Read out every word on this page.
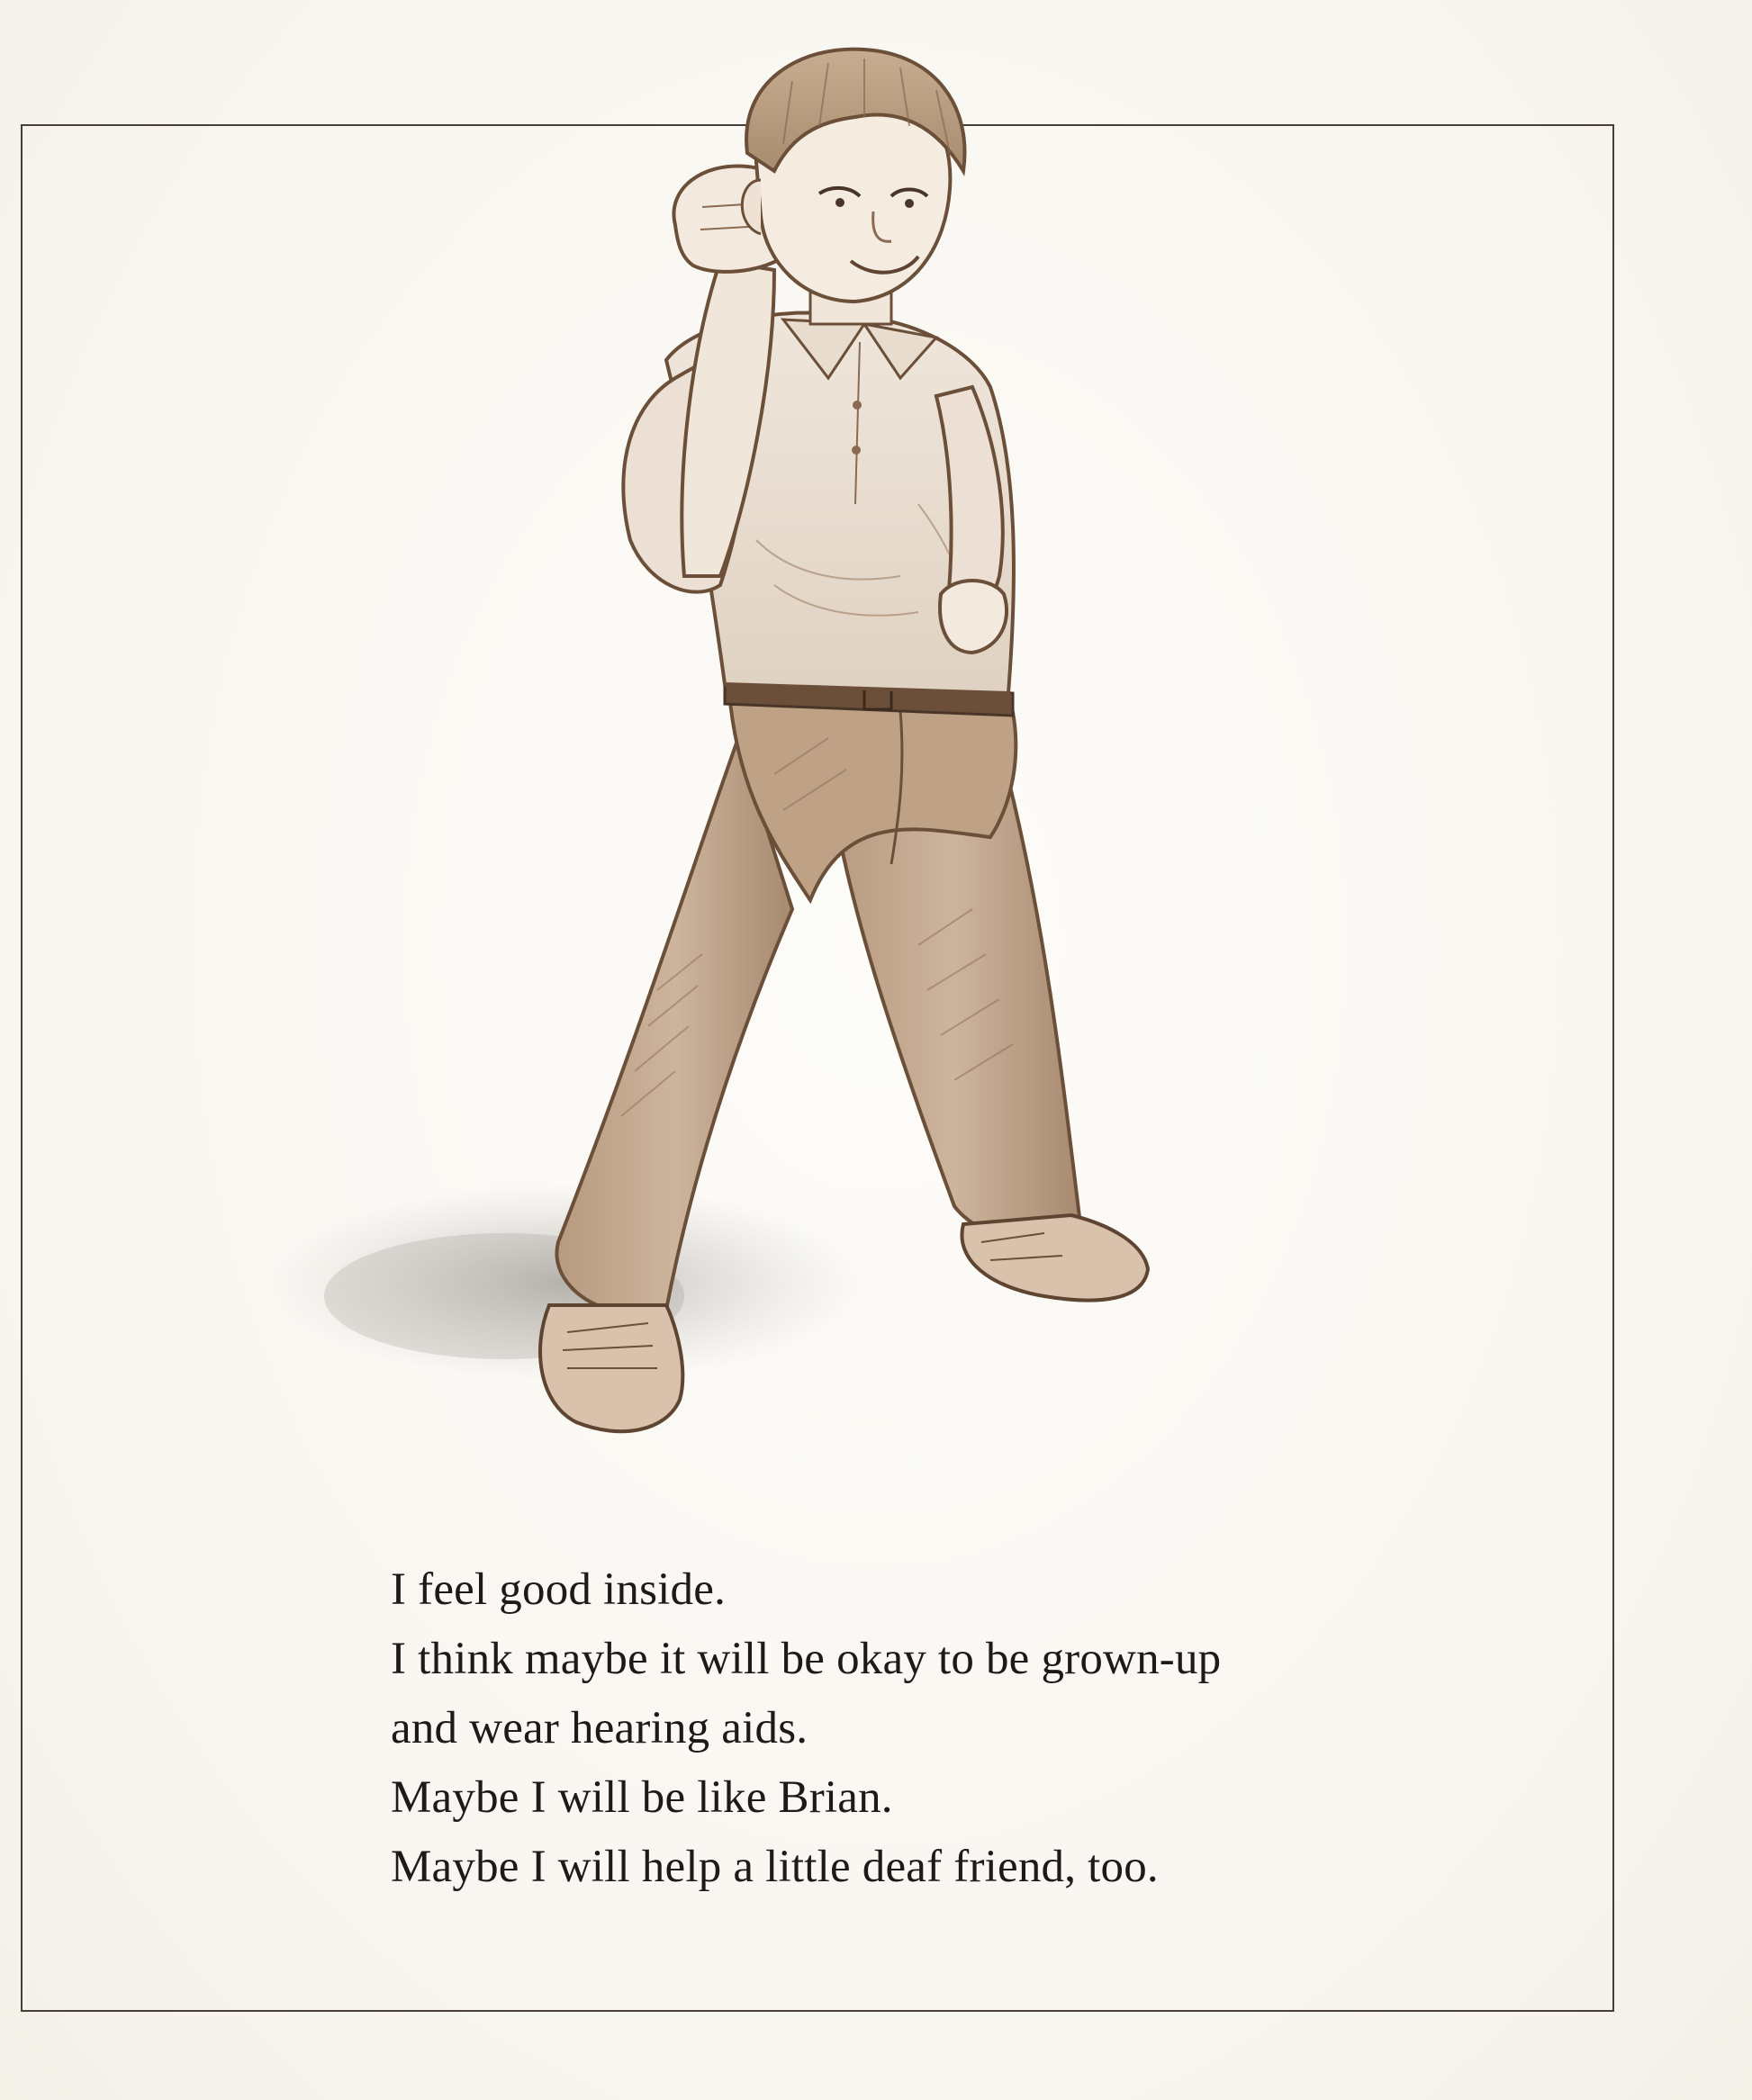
I feel good inside.
I think maybe it will be okay to be grown-up
and wear hearing aids.
Maybe I will be like Brian.
Maybe I will help a little deaf friend, too.
